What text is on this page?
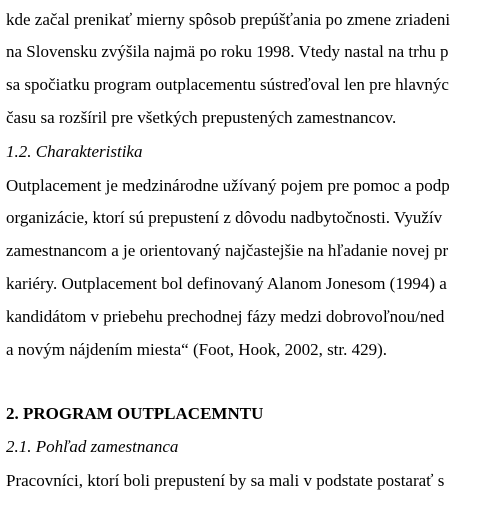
kde začal prenikať mierny spôsob prepúšťania po zmene zriadeni
na Slovensku zvýšila najmä po roku 1998. Vtedy nastal na trhu p
sa spočiatku program outplacementu sústreďoval len pre hlavnýc
času sa rozšíril pre všetkých prepustených zamestnancov.
1.2. Charakteristika
Outplacement je medzinárodne užívaný pojem pre pomoc a podp
organizácie, ktorí sú prepustení z dôvodu nadbytočnosti. Využív
zamestnancom a je orientovaný najčastejšie na hľadanie novej pr
kariéry. Outplacement bol definovaný Alanom Jonesom (1994) a
kandidátom v priebehu prechodnej fázy medzi dobrovoľnou/ned
a novým nájdením miesta“ (Foot, Hook, 2002, str. 429).
2. PROGRAM OUTPLACEMNTU
2.1. Pohľad zamestnanca
Pracovníci, ktorí boli prepustení by sa mali v podstate postarať s
